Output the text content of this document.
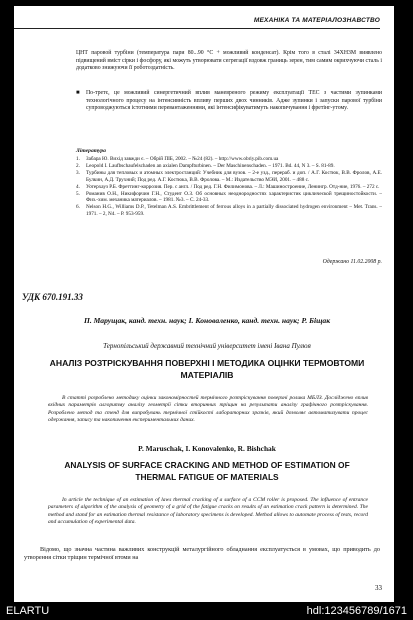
МЕХАНІКА ТА МАТЕРІАЛОЗНАВСТВО
ЦНТ паровой турбіни (температура пари 80...90 °С + можливий конденсат). Крім того в сталі 34ХН3М виявлено підвищений вміст сірки і фосфору, які можуть утворювати сегрегації вздовж границь зерен, тим самим окрихчуючи сталь і додатково знижуючи її роботоздатність.
■ По-третє, це можливий синергетичний вплив маневреного режиму експлуатації ТЕС з частими зупинками технологічного процесу на інтенсивність впливу перших двох чинників. Адже зупинки і запуски парової турбіни супроводжуються істотними перевантаженнями, які інтенсифікуватимуть накопичування і фретінг-утому.
Література
1. Забара Ю. Вихід завжди є. – Обрій ПІБ, 2002. – №24 (82). – http://www.obriy.pib.com.ua
2. Leopold I. Laufbschaufelschaden an axialen Dampfturbinen. – Der Maschinenschaden. – 1971. Bd. 44, N 3. – S. 81-89.
3. Турбины для тепловых и атомных электростанций: Учебник для вузов. – 2-е узд., перераб. и доп. / А.Г. Костюк, В.В. Фролов, А.Е. Булкин, А.Д. Трухний; Под ред. А.Г. Костюка, В.В. Фролова. – М.: Издательство МЭИ, 2001. – 488 с.
4. Уотерхауз Р.Б. Фреттинг-коррозия. Пер. с англ. / Под ред. Г.Н. Филимонова. – Л.: Машиностроение, Ленингр. Отд-ние, 1976. – 272 с.
5. Романив О.Н., Никифорчин Г.Н., Студент О.З. Об основных неоднородностях характеристик циклической трещиностойкости. – Физ.-хим. механика материалов. – 1981. №3. – С. 24-33.
6. Nelson H.G., Williams D.P., Tetelman A.S. Embrittlement of ferrous alloys in a partially dissociated hydrogen environment – Met. Trans. – 1971. – 2, N4. – P. 953-959.
Одержано 11.02.2008 р.
УДК 670.191.33
П. Марущак, канд. техн. наук; І. Коноваленко, канд. техн. наук; Р. Біщак
Тернопільський державний технічний університет імені Івана Пулюя
АНАЛІЗ РОЗТРІСКУВАННЯ ПОВЕРХНІ І МЕТОДИКА ОЦІНКИ ТЕРМОВТОМИ МАТЕРІАЛІВ
В статті розроблено методику оцінки закономірностей термічного розтріскування поверхні ролика МБЛЗ. Досліджено вплив вхідних параметрів алгоритму аналізу геометрії сітки вторинних тріщин на результати аналізу графічного розтріскування. Розроблено метод та стенд для випробувань термічної стійкості лабораторних зразків, який дозволяє автоматизувати процес одержання, запису та накопичення експериментальних даних.
P. Maruschak, I. Konovalenko, R. Bishchak
ANALYSIS OF SURFACE CRACKING AND METHOD OF ESTIMATION OF THERMAL FATIGUE OF MATERIALS
In article the technique of an estimation of laws thermal cracking of a surface of a CCM roller is proposed. The influence of entrance parameters of algorithm of the analysis of geometry of a grid of the fatigue cracks on results of an estimation crack pattern is determined. The method and stand for an estimation thermal resistance of laboratory specimens is developed. Method allows to automate process of tests, record and accumulation of experimental data.
Відомо, що значна частина важливих конструкцій металургійного обладнання експлуатується в умовах, що приводить до утворення сітки тріщин термічної втоми на
33
ELARTU	hdl:123456789/1671
